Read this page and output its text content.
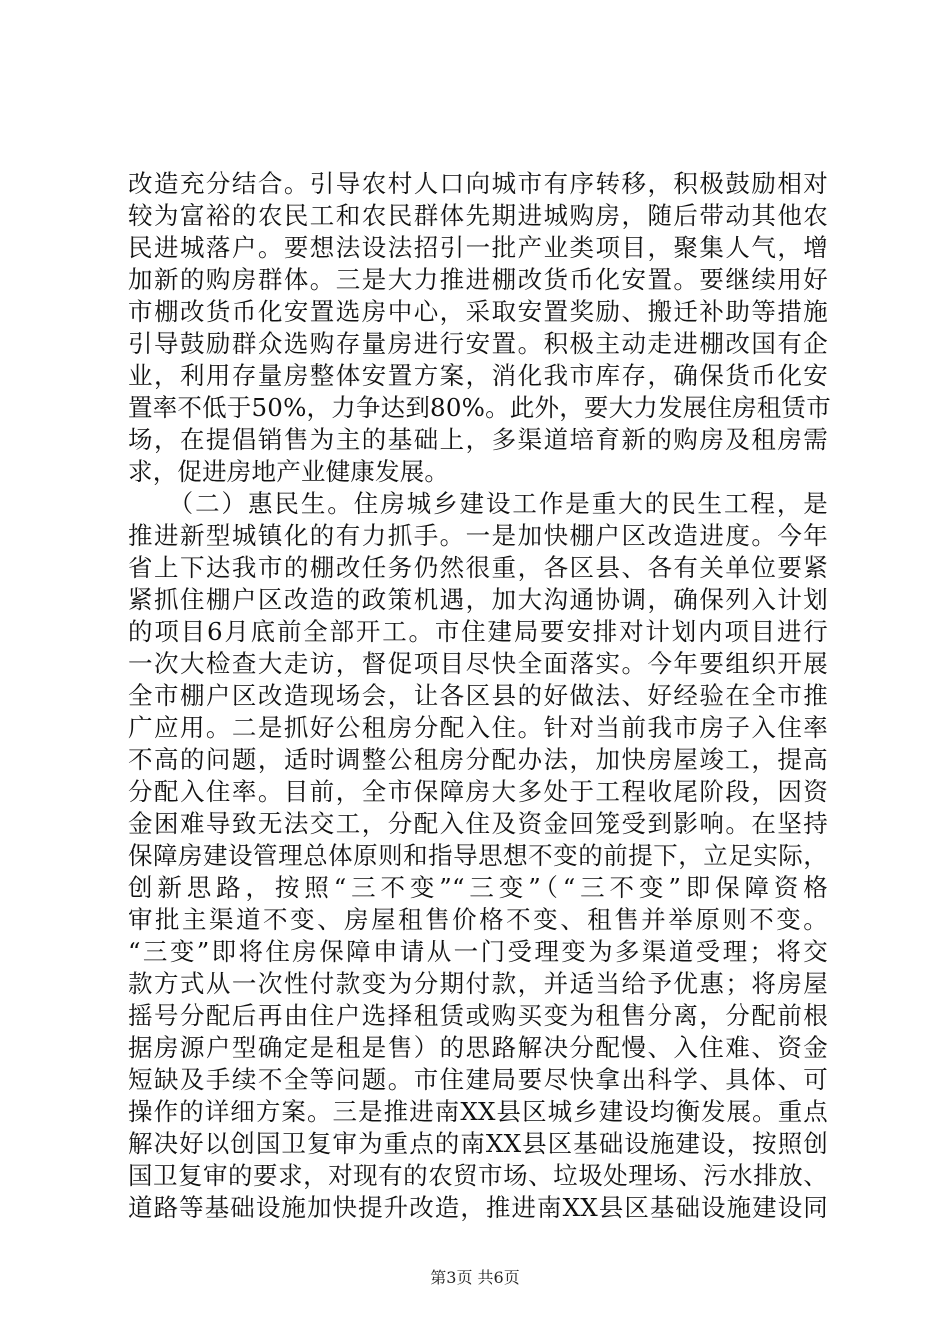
改造充分结合。引导农村人口向城市有序转移，积极鼓励相对
较为富裕的农民工和农民群体先期进城购房，随后带动其他农
民进城落户。要想法设法招引一批产业类项目，聚集人气，增
加新的购房群体。三是大力推进棚改货币化安置。要继续用好
市棚改货币化安置选房中心，采取安置奖励、搬迁补助等措施
引导鼓励群众选购存量房进行安置。积极主动走进棚改国有企
业，利用存量房整体安置方案，消化我市库存，确保货币化安
置率不低于50%，力争达到80%。此外，要大力发展住房租赁市
场，在提倡销售为主的基础上，多渠道培育新的购房及租房需
求，促进房地产业健康发展。
　　（二）惠民生。住房城乡建设工作是重大的民生工程，是
推进新型城镇化的有力抓手。一是加快棚户区改造进度。今年
省上下达我市的棚改任务仍然很重，各区县、各有关单位要紧
紧抓住棚户区改造的政策机遇，加大沟通协调，确保列入计划
的项目6月底前全部开工。市住建局要安排对计划内项目进行
一次大检查大走访，督促项目尽快全面落实。今年要组织开展
全市棚户区改造现场会，让各区县的好做法、好经验在全市推
广应用。二是抓好公租房分配入住。针对当前我市房子入住率
不高的问题，适时调整公租房分配办法，加快房屋竣工，提高
分配入住率。目前，全市保障房大多处于工程收尾阶段，因资
金困难导致无法交工，分配入住及资金回笼受到影响。在坚持
保障房建设管理总体原则和指导思想不变的前提下，立足实际，
创新思路，按照“三不变”“三变”（“三不变”即保障资格
审批主渠道不变、房屋租售价格不变、租售并举原则不变。
“三变”即将住房保障申请从一门受理变为多渠道受理；将交
款方式从一次性付款变为分期付款，并适当给予优惠；将房屋
摇号分配后再由住户选择租赁或购买变为租售分离，分配前根
据房源户型确定是租是售）的思路解决分配慢、入住难、资金
短缺及手续不全等问题。市住建局要尽快拿出科学、具体、可
操作的详细方案。三是推进南XX县区城乡建设均衡发展。重点
解决好以创国卫复审为重点的南XX县区基础设施建设，按照创
国卫复审的要求，对现有的农贸市场、垃圾处理场、污水排放、
道路等基础设施加快提升改造，推进南XX县区基础设施建设同
第3页 共6页
